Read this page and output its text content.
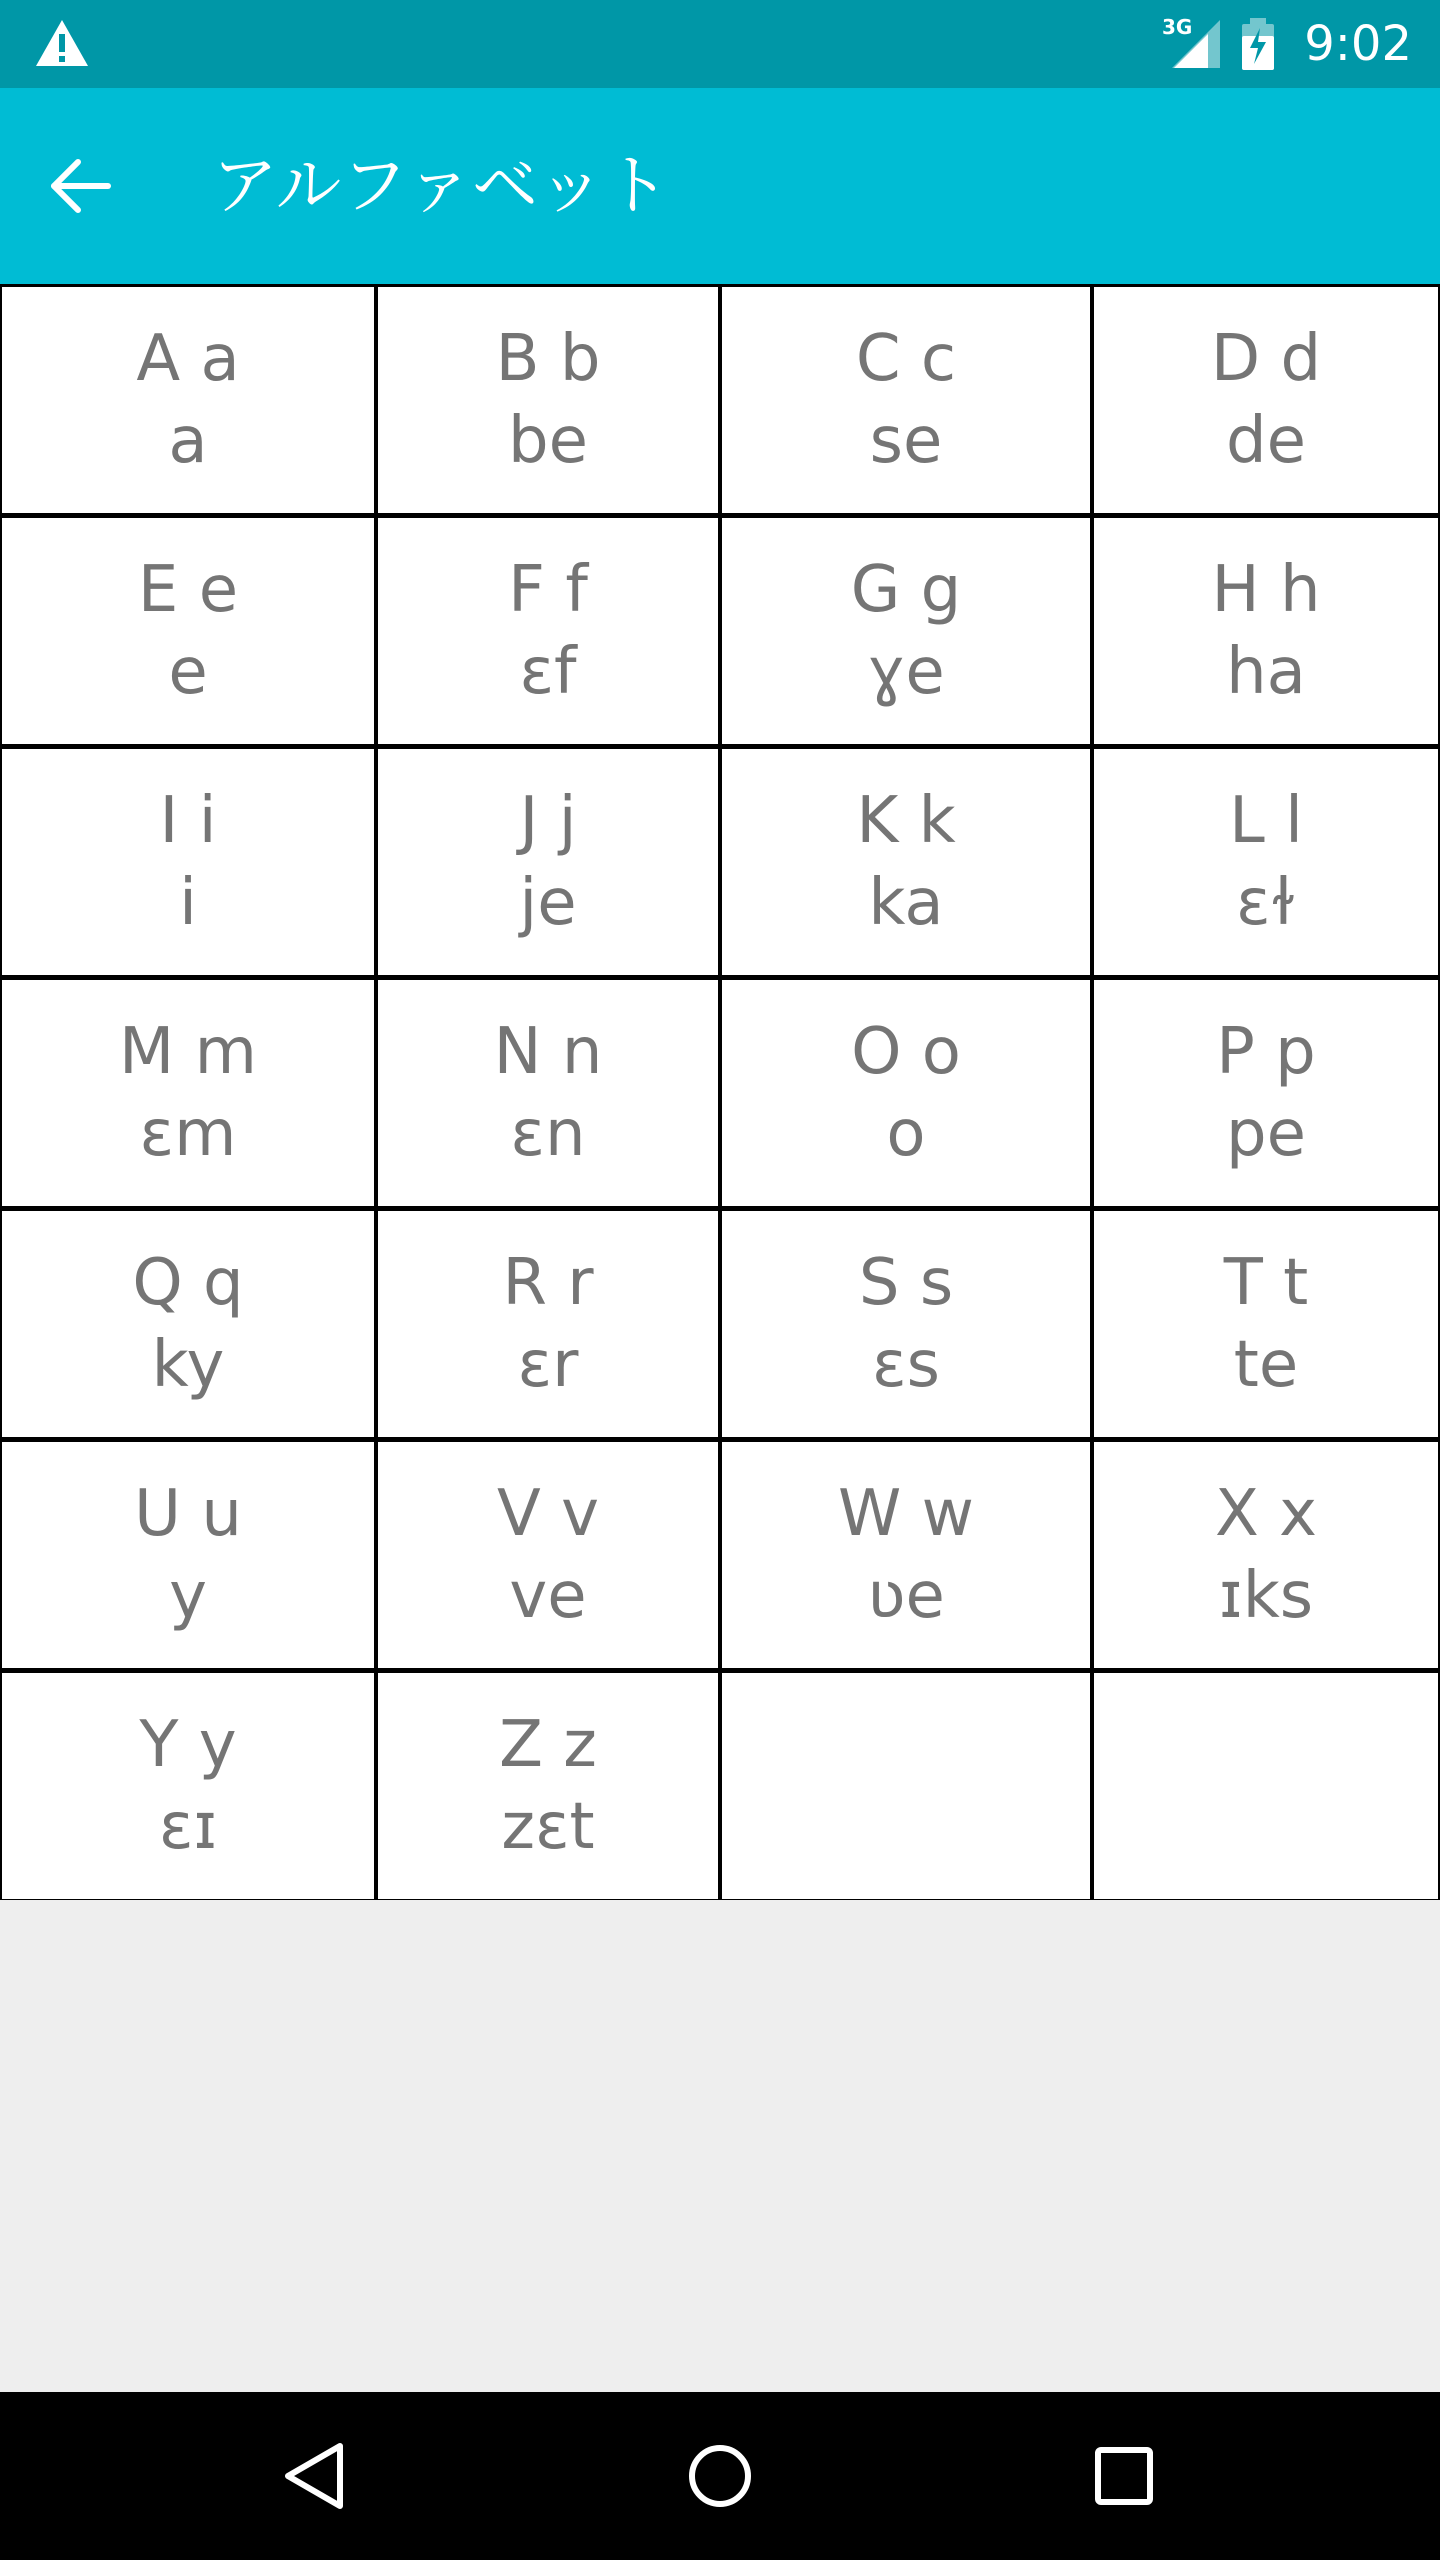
3G 9:02
アルファベット
A a
a
B b
be
C c
se
D d
de
E e
e
F f
ɛf
G g
ɣe
H h
ha
I i
i
J j
je
K k
ka
L l
ɛɫ
M m
ɛm
N n
ɛn
O o
o
P p
pe
Q q
ky
R r
ɛr
S s
ɛs
T t
te
U u
y
V v
ve
W w
ʋe
X x
ɪks
Y y
ɛɪ
Z z
zɛt
